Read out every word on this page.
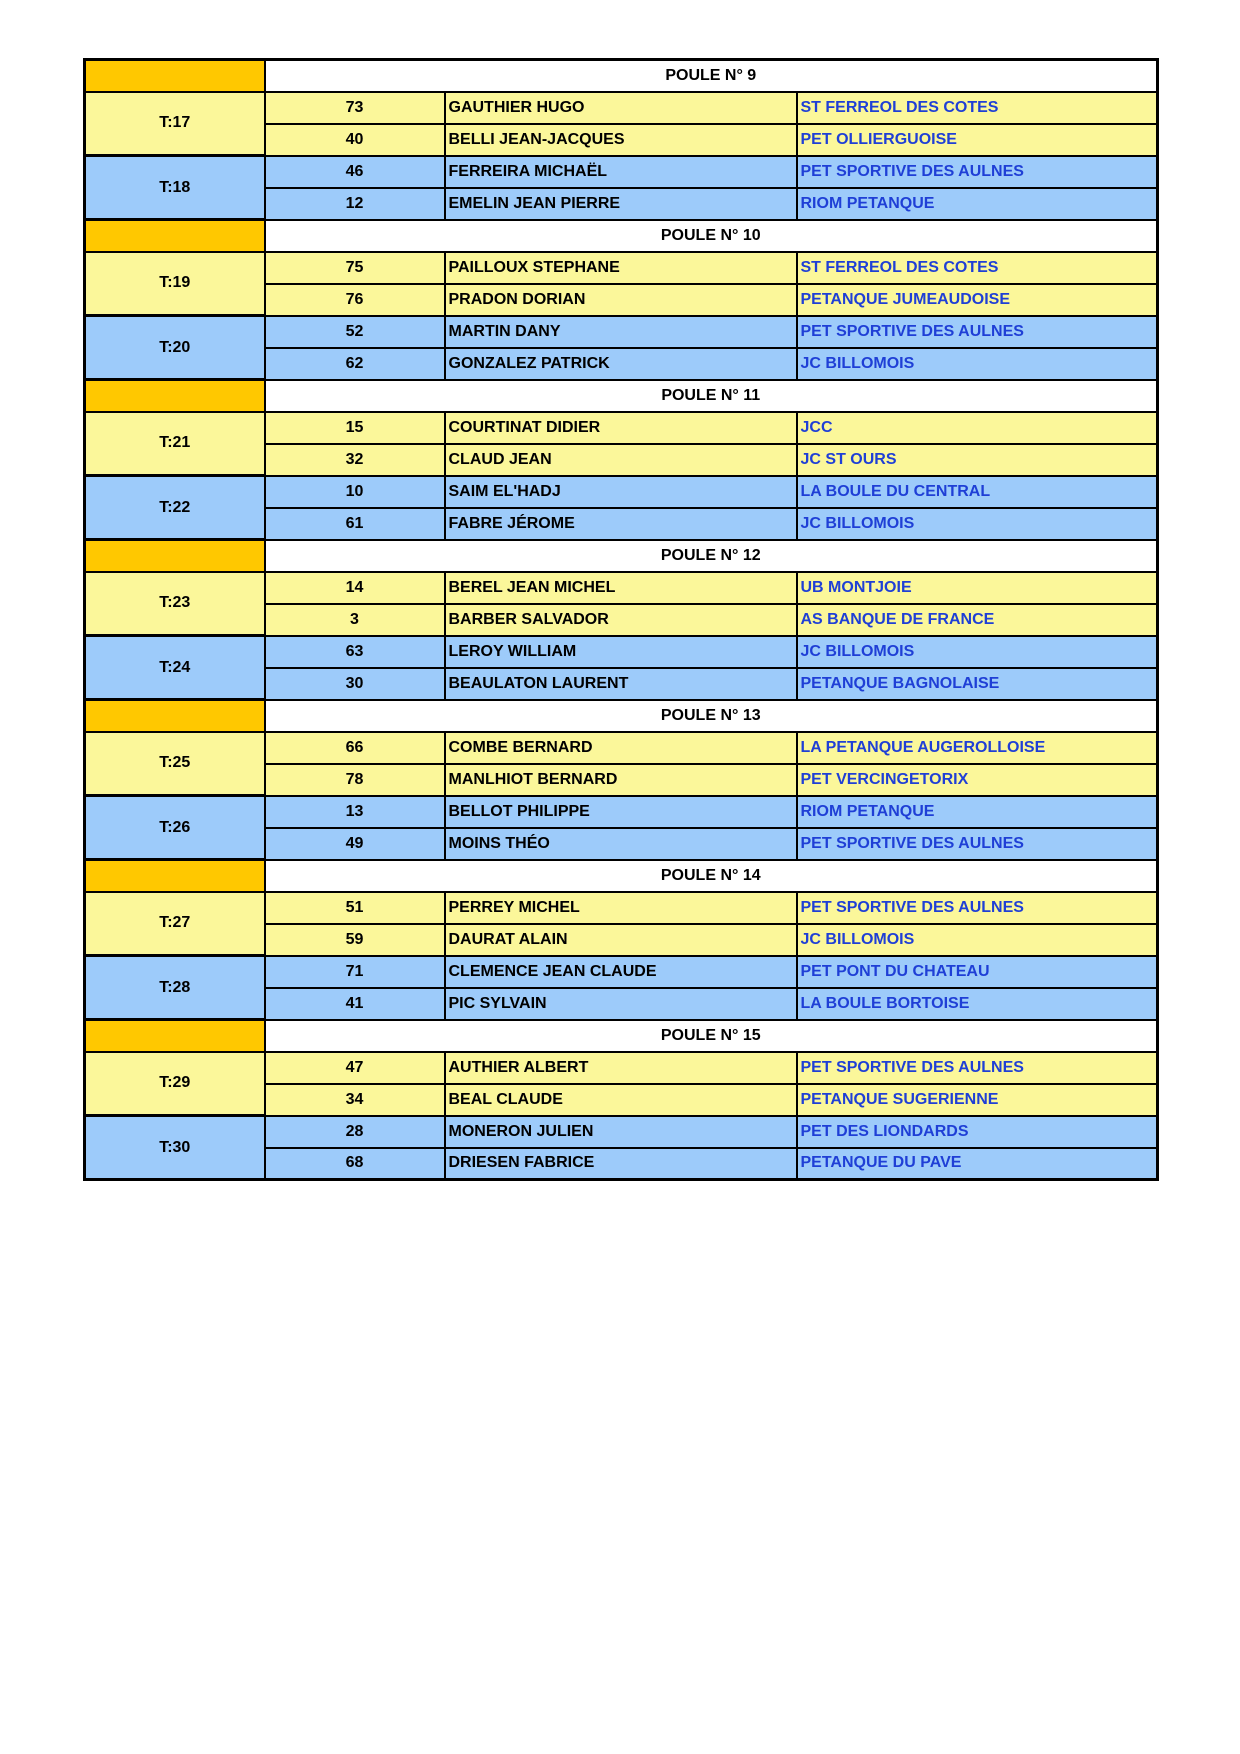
	POULE N° 9		
T:17	73	GAUTHIER HUGO	ST FERREOL DES COTES
	40	BELLI JEAN-JACQUES	PET OLLIERGUOISE
T:18	46	FERREIRA MICHAËL	PET SPORTIVE DES AULNES
	12	EMELIN JEAN PIERRE	RIOM PETANQUE
	POULE N° 10		
T:19	75	PAILLOUX STEPHANE	ST FERREOL DES COTES
	76	PRADON DORIAN	PETANQUE JUMEAUDOISE
T:20	52	MARTIN DANY	PET SPORTIVE DES AULNES
	62	GONZALEZ PATRICK	JC BILLOMOIS
	POULE N° 11		
T:21	15	COURTINAT DIDIER	JCC
	32	CLAUD JEAN	JC ST OURS
T:22	10	SAIM EL'HADJ	LA BOULE DU CENTRAL
	61	FABRE JÉROME	JC BILLOMOIS
	POULE N° 12		
T:23	14	BEREL JEAN MICHEL	UB MONTJOIE
	3	BARBER SALVADOR	AS BANQUE DE FRANCE
T:24	63	LEROY WILLIAM	JC BILLOMOIS
	30	BEAULATON LAURENT	PETANQUE BAGNOLAISE
	POULE N° 13		
T:25	66	COMBE BERNARD	LA PETANQUE AUGEROLLOISE
	78	MANLHIOT BERNARD	PET VERCINGETORIX
T:26	13	BELLOT PHILIPPE	RIOM PETANQUE
	49	MOINS THÉO	PET SPORTIVE DES AULNES
	POULE N° 14		
T:27	51	PERREY MICHEL	PET SPORTIVE DES AULNES
	59	DAURAT ALAIN	JC BILLOMOIS
T:28	71	CLEMENCE JEAN CLAUDE	PET PONT DU CHATEAU
	41	PIC SYLVAIN	LA BOULE BORTOISE
	POULE N° 15		
T:29	47	AUTHIER ALBERT	PET SPORTIVE DES AULNES
	34	BEAL CLAUDE	PETANQUE SUGERIENNE
T:30	28	MONERON JULIEN	PET DES LIONDARDS
	68	DRIESEN FABRICE	PETANQUE DU PAVE
